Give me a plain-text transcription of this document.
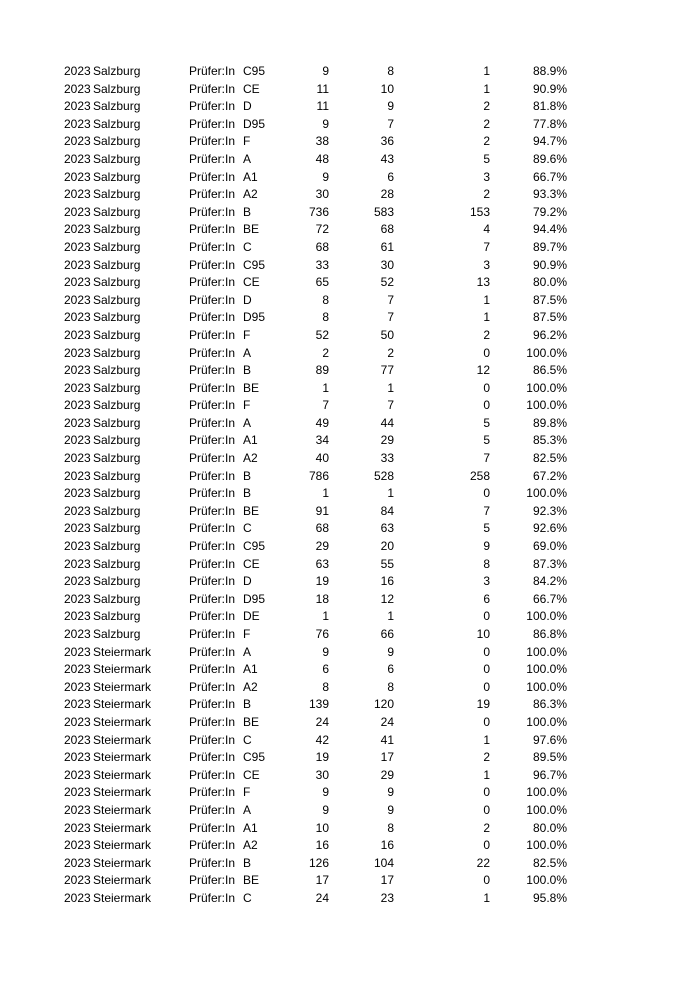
2023 Salzburg	Prüfer:In C95	9	8	1	88.9%
2023 Salzburg	Prüfer:In CE	11	10	1	90.9%
2023 Salzburg	Prüfer:In D	11	9	2	81.8%
2023 Salzburg	Prüfer:In D95	9	7	2	77.8%
2023 Salzburg	Prüfer:In F	38	36	2	94.7%
2023 Salzburg	Prüfer:In A	48	43	5	89.6%
2023 Salzburg	Prüfer:In A1	9	6	3	66.7%
2023 Salzburg	Prüfer:In A2	30	28	2	93.3%
2023 Salzburg	Prüfer:In B	736	583	153	79.2%
2023 Salzburg	Prüfer:In BE	72	68	4	94.4%
2023 Salzburg	Prüfer:In C	68	61	7	89.7%
2023 Salzburg	Prüfer:In C95	33	30	3	90.9%
2023 Salzburg	Prüfer:In CE	65	52	13	80.0%
2023 Salzburg	Prüfer:In D	8	7	1	87.5%
2023 Salzburg	Prüfer:In D95	8	7	1	87.5%
2023 Salzburg	Prüfer:In F	52	50	2	96.2%
2023 Salzburg	Prüfer:In A	2	2	0	100.0%
2023 Salzburg	Prüfer:In B	89	77	12	86.5%
2023 Salzburg	Prüfer:In BE	1	1	0	100.0%
2023 Salzburg	Prüfer:In F	7	7	0	100.0%
2023 Salzburg	Prüfer:In A	49	44	5	89.8%
2023 Salzburg	Prüfer:In A1	34	29	5	85.3%
2023 Salzburg	Prüfer:In A2	40	33	7	82.5%
2023 Salzburg	Prüfer:In B	786	528	258	67.2%
2023 Salzburg	Prüfer:In B	1	1	0	100.0%
2023 Salzburg	Prüfer:In BE	91	84	7	92.3%
2023 Salzburg	Prüfer:In C	68	63	5	92.6%
2023 Salzburg	Prüfer:In C95	29	20	9	69.0%
2023 Salzburg	Prüfer:In CE	63	55	8	87.3%
2023 Salzburg	Prüfer:In D	19	16	3	84.2%
2023 Salzburg	Prüfer:In D95	18	12	6	66.7%
2023 Salzburg	Prüfer:In DE	1	1	0	100.0%
2023 Salzburg	Prüfer:In F	76	66	10	86.8%
2023 Steiermark	Prüfer:In A	9	9	0	100.0%
2023 Steiermark	Prüfer:In A1	6	6	0	100.0%
2023 Steiermark	Prüfer:In A2	8	8	0	100.0%
2023 Steiermark	Prüfer:In B	139	120	19	86.3%
2023 Steiermark	Prüfer:In BE	24	24	0	100.0%
2023 Steiermark	Prüfer:In C	42	41	1	97.6%
2023 Steiermark	Prüfer:In C95	19	17	2	89.5%
2023 Steiermark	Prüfer:In CE	30	29	1	96.7%
2023 Steiermark	Prüfer:In F	9	9	0	100.0%
2023 Steiermark	Prüfer:In A	9	9	0	100.0%
2023 Steiermark	Prüfer:In A1	10	8	2	80.0%
2023 Steiermark	Prüfer:In A2	16	16	0	100.0%
2023 Steiermark	Prüfer:In B	126	104	22	82.5%
2023 Steiermark	Prüfer:In BE	17	17	0	100.0%
2023 Steiermark	Prüfer:In C	24	23	1	95.8%
